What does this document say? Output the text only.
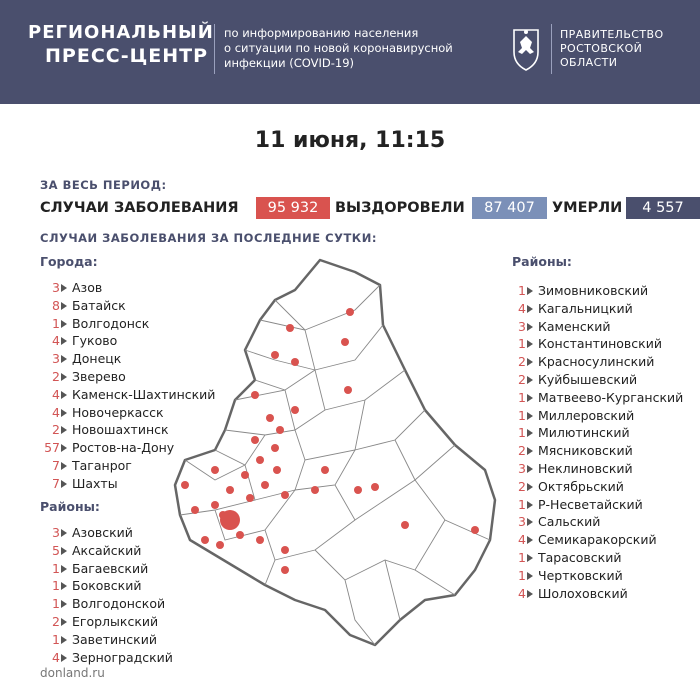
РЕГИОНАЛЬНЫЙ
ПРЕСС-ЦЕНТР
по информированию населения
о ситуации по новой коронавирусной
инфекции (COVID-19)
ПРАВИТЕЛЬСТВО
РОСТОВСКОЙ
ОБЛАСТИ
11 июня, 11:15
ЗА ВЕСЬ ПЕРИОД:
СЛУЧАИ ЗАБОЛЕВАНИЯ	95 932	ВЫЗДОРОВЕЛИ	87 407	УМЕРЛИ	4 557
СЛУЧАИ ЗАБОЛЕВАНИЯ ЗА ПОСЛЕДНИЕ СУТКИ:
Города:
3 Азов
8 Батайск
1 Волгодонск
4 Гуково
3 Донецк
2 Зверево
4 Каменск-Шахтинский
4 Новочеркасск
2 Новошахтинск
57 Ростов-на-Дону
7 Таганрог
7 Шахты
Районы:
3 Азовский
5 Аксайский
1 Багаевский
1 Боковский
1 Волгодонской
2 Егорлыкский
1 Заветинский
4 Зерноградский
Районы:
1 Зимовниковский
4 Кагальницкий
3 Каменский
1 Константиновский
2 Красносулинский
2 Куйбышевский
1 Матвеево-Курганский
1 Миллеровский
1 Милютинский
2 Мясниковский
3 Неклиновский
2 Октябрьский
1 Р-Несветайский
3 Сальский
4 Семикаракорский
1 Тарасовский
1 Чертковский
4 Шолоховский
donland.ru
